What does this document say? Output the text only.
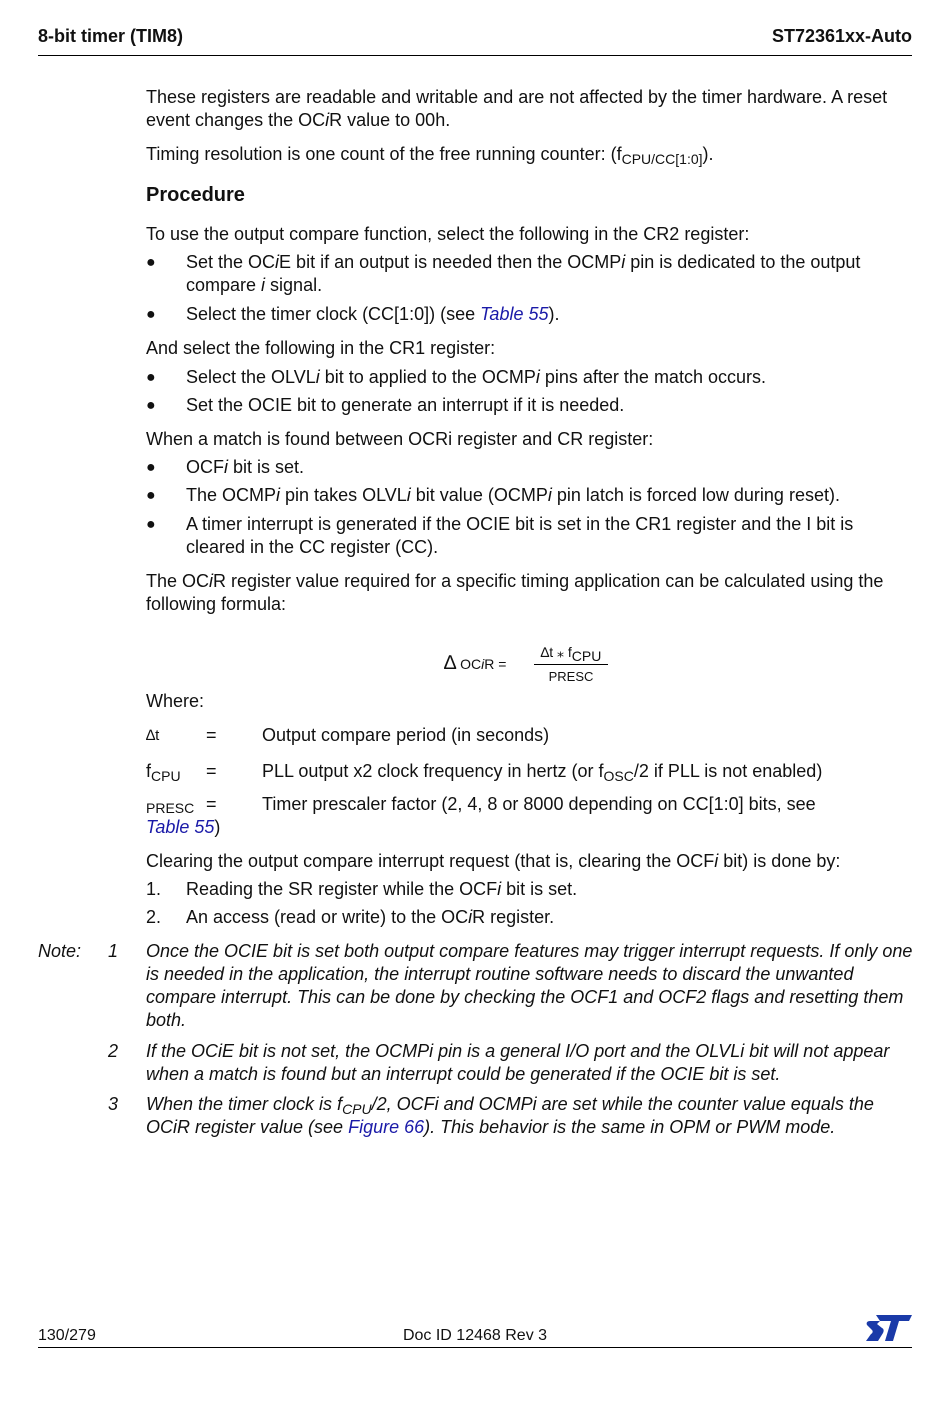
8-bit timer (TIM8)	ST72361xx-Auto
These registers are readable and writable and are not affected by the timer hardware. A reset event changes the OCiR value to 00h.
Timing resolution is one count of the free running counter: $(f_{CPU/CC[1:0]})$.
Procedure
To use the output compare function, select the following in the CR2 register:
● Set the OCiE bit if an output is needed then the OCMPi pin is dedicated to the output compare i signal.
● Select the timer clock (CC[1:0]) (see Table 55).
And select the following in the CR1 register:
● Select the OLVLi bit to applied to the OCMPi pins after the match occurs.
● Set the OCIE bit to generate an interrupt if it is needed.
When a match is found between OCRi register and CR register:
● OCFi bit is set.
● The OCMPi pin takes OLVLi bit value (OCMPi pin latch is forced low during reset).
● A timer interrupt is generated if the OCIE bit is set in the CR1 register and the I bit is cleared in the CC register (CC).
The OCiR register value required for a specific timing application can be calculated using the following formula:
∆ OCiR =
∆t ⁎ $f_{CPU}$
PRESC
Where:
∆t	=	Output compare period (in seconds)
$f_{CPU}$ =	PLL output x2 clock frequency in hertz (or $f_{OSC}/2$ if PLL is not enabled)
PRESC =	Timer prescaler factor (2, 4, 8 or 8000 depending on CC[1:0] bits, see
Table 55)
Clearing the output compare interrupt request (that is, clearing the OCFi bit) is done by:
1. Reading the SR register while the OCFi bit is set.
2. An access (read or write) to the OCiR register.
Note: 1 Once the OCIE bit is set both output compare features may trigger interrupt requests. If only one is needed in the application, the interrupt routine software needs to discard the unwanted compare interrupt. This can be done by checking the OCF1 and OCF2 flags and resetting them both.
2 If the OCiE bit is not set, the OCMPi pin is a general I/O port and the OLVLi bit will not appear when a match is found but an interrupt could be generated if the OCIE bit is set.
3 When the timer clock is $f_{CPU}/2$, OCFi and OCMPi are set while the counter value equals the OCiR register value (see Figure 66). This behavior is the same in OPM or PWM mode.
130/279	Doc ID 12468 Rev 3
